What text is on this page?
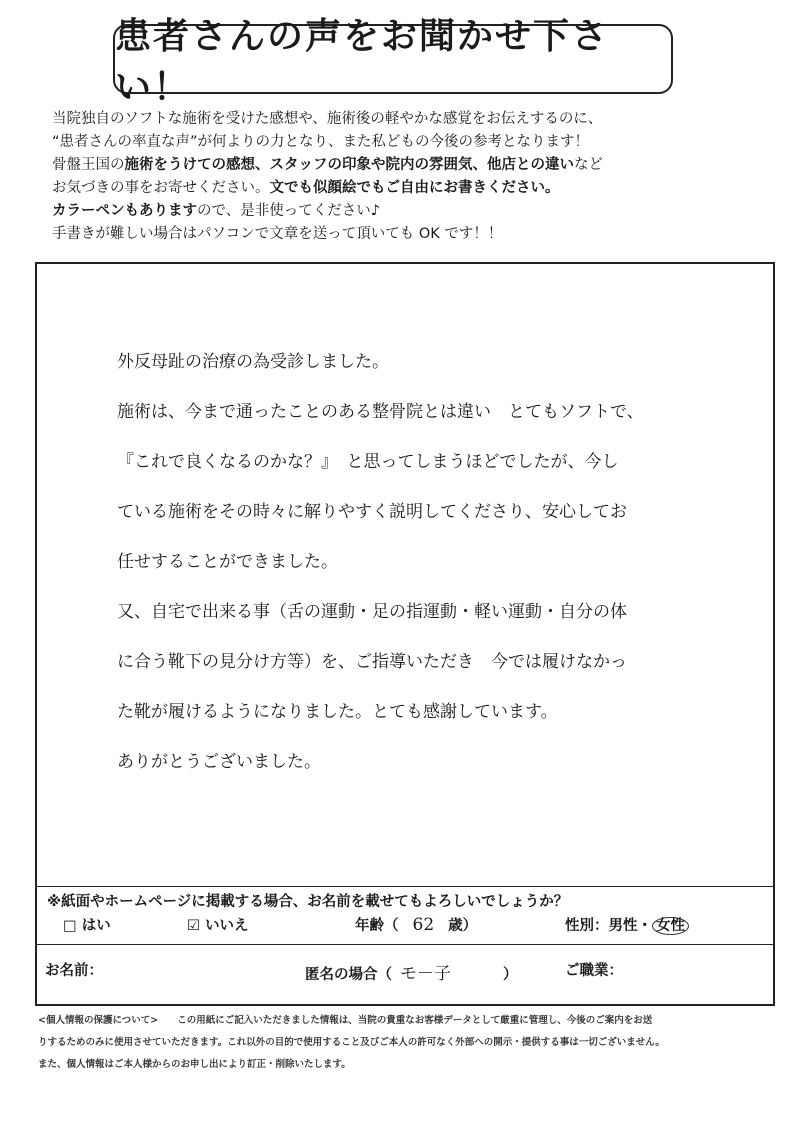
患者さんの声をお聞かせ下さい！
当院独自のソフトな施術を受けた感想や、施術後の軽やかな感覚をお伝えするのに、
“患者さんの率直な声”が何よりの力となり、また私どもの今後の参考となります！
骨盤王国の施術をうけての感想、スタッフの印象や院内の雰囲気、他店との違いなど
お気づきの事をお寄せください。文でも似顔絵でもご自由にお書きください。
カラーペンもありますので、是非使ってください♪
手書きが難しい場合はパソコンで文章を送って頂いても OK です！！
外反母趾の治療の為受診しました。
施術は、今まで通ったことのある整骨院とは違い　とてもソフトで、
『これで良くなるのかな？』　と思ってしまうほどでしたが、今し
ている施術をその時々に解りやすく説明してくださり、安心してお
任せすることができました。
又、自宅で出来る事（舌の運動・足の指運動・軽い運動・自分の体
に合う靴下の見分け方等）を、ご指導いただき　今では履けなかっ
た靴が履けるようになりました。とても感謝しています。
ありがとうございました。
※紙面やホームページに掲載する場合、お名前を載せてもよろしいでしょうか？
□ はい	☑ いいえ	年齢（ 62 歳）	性別：男性・ 女性
お名前：	匿名の場合（ モ－子	）	ご職業：
<個人情報の保護について>　　この用紙にご記入いただきました情報は、当院の貴重なお客様データとして厳重に管理し、今後のご案内をお送
りするためのみに使用させていただきます。これ以外の目的で使用すること及びご本人の許可なく外部への開示・提供する事は一切ございません。
また、個人情報はご本人様からのお申し出により訂正・削除いたします。
